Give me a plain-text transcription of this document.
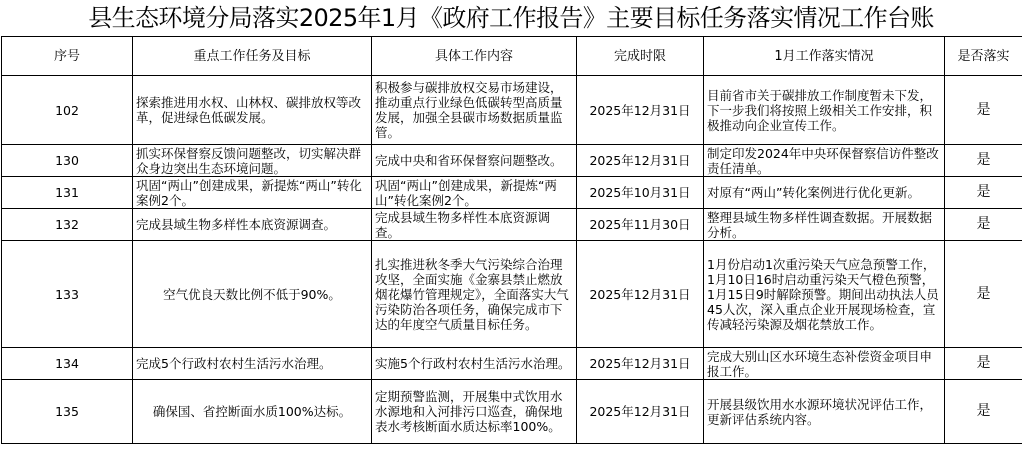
县生态环境分局落实2025年1月《政府工作报告》主要目标任务落实情况工作台账
序号	重点工作任务及目标	具体工作内容	完成时限	1月工作落实情况	是否落实
102	探索推进用水权、山林权、碳排放权等改革，促进绿色低碳发展。	积极参与碳排放权交易市场建设，推动重点行业绿色低碳转型高质量发展，加强全县碳市场数据质量监管。	2025年12月31日	目前省市关于碳排放工作制度暂未下发，下一步我们将按照上级相关工作安排，积极推动向企业宣传工作。	是
130	抓实环保督察反馈问题整改，切实解决群众身边突出生态环境问题。	完成中央和省环保督察问题整改。	2025年12月31日	制定印发2024年中央环保督察信访件整改责任清单。	是
131	巩固“两山”创建成果，新提炼“两山”转化案例2个。	巩固“两山”创建成果，新提炼“两山”转化案例2个。	2025年10月31日	对原有“两山”转化案例进行优化更新。	是
132	完成县域生物多样性本底资源调查。	完成县域生物多样性本底资源调查。	2025年11月30日	整理县域生物多样性调查数据。开展数据分析。	是
133	空气优良天数比例不低于90%。	扎实推进秋冬季大气污染综合治理攻坚，全面实施《金寨县禁止燃放烟花爆竹管理规定》，全面落实大气污染防治各项任务，确保完成市下达的年度空气质量目标任务。	2025年12月31日	1月份启动1次重污染天气应急预警工作，1月10日16时启动重污染天气橙色预警，1月15日9时解除预警。期间出动执法人员45人次，深入重点企业开展现场检查，宣传减轻污染源及烟花禁放工作。	是
134	完成5个行政村农村生活污水治理。	实施5个行政村农村生活污水治理。	2025年12月31日	完成大别山区水环境生态补偿资金项目申报工作。	是
135	确保国、省控断面水质100%达标。	定期预警监测，开展集中式饮用水水源地和入河排污口巡查，确保地表水考核断面水质达标率100%。	2025年12月31日	开展县级饮用水水源环境状况评估工作，更新评估系统内容。	是
